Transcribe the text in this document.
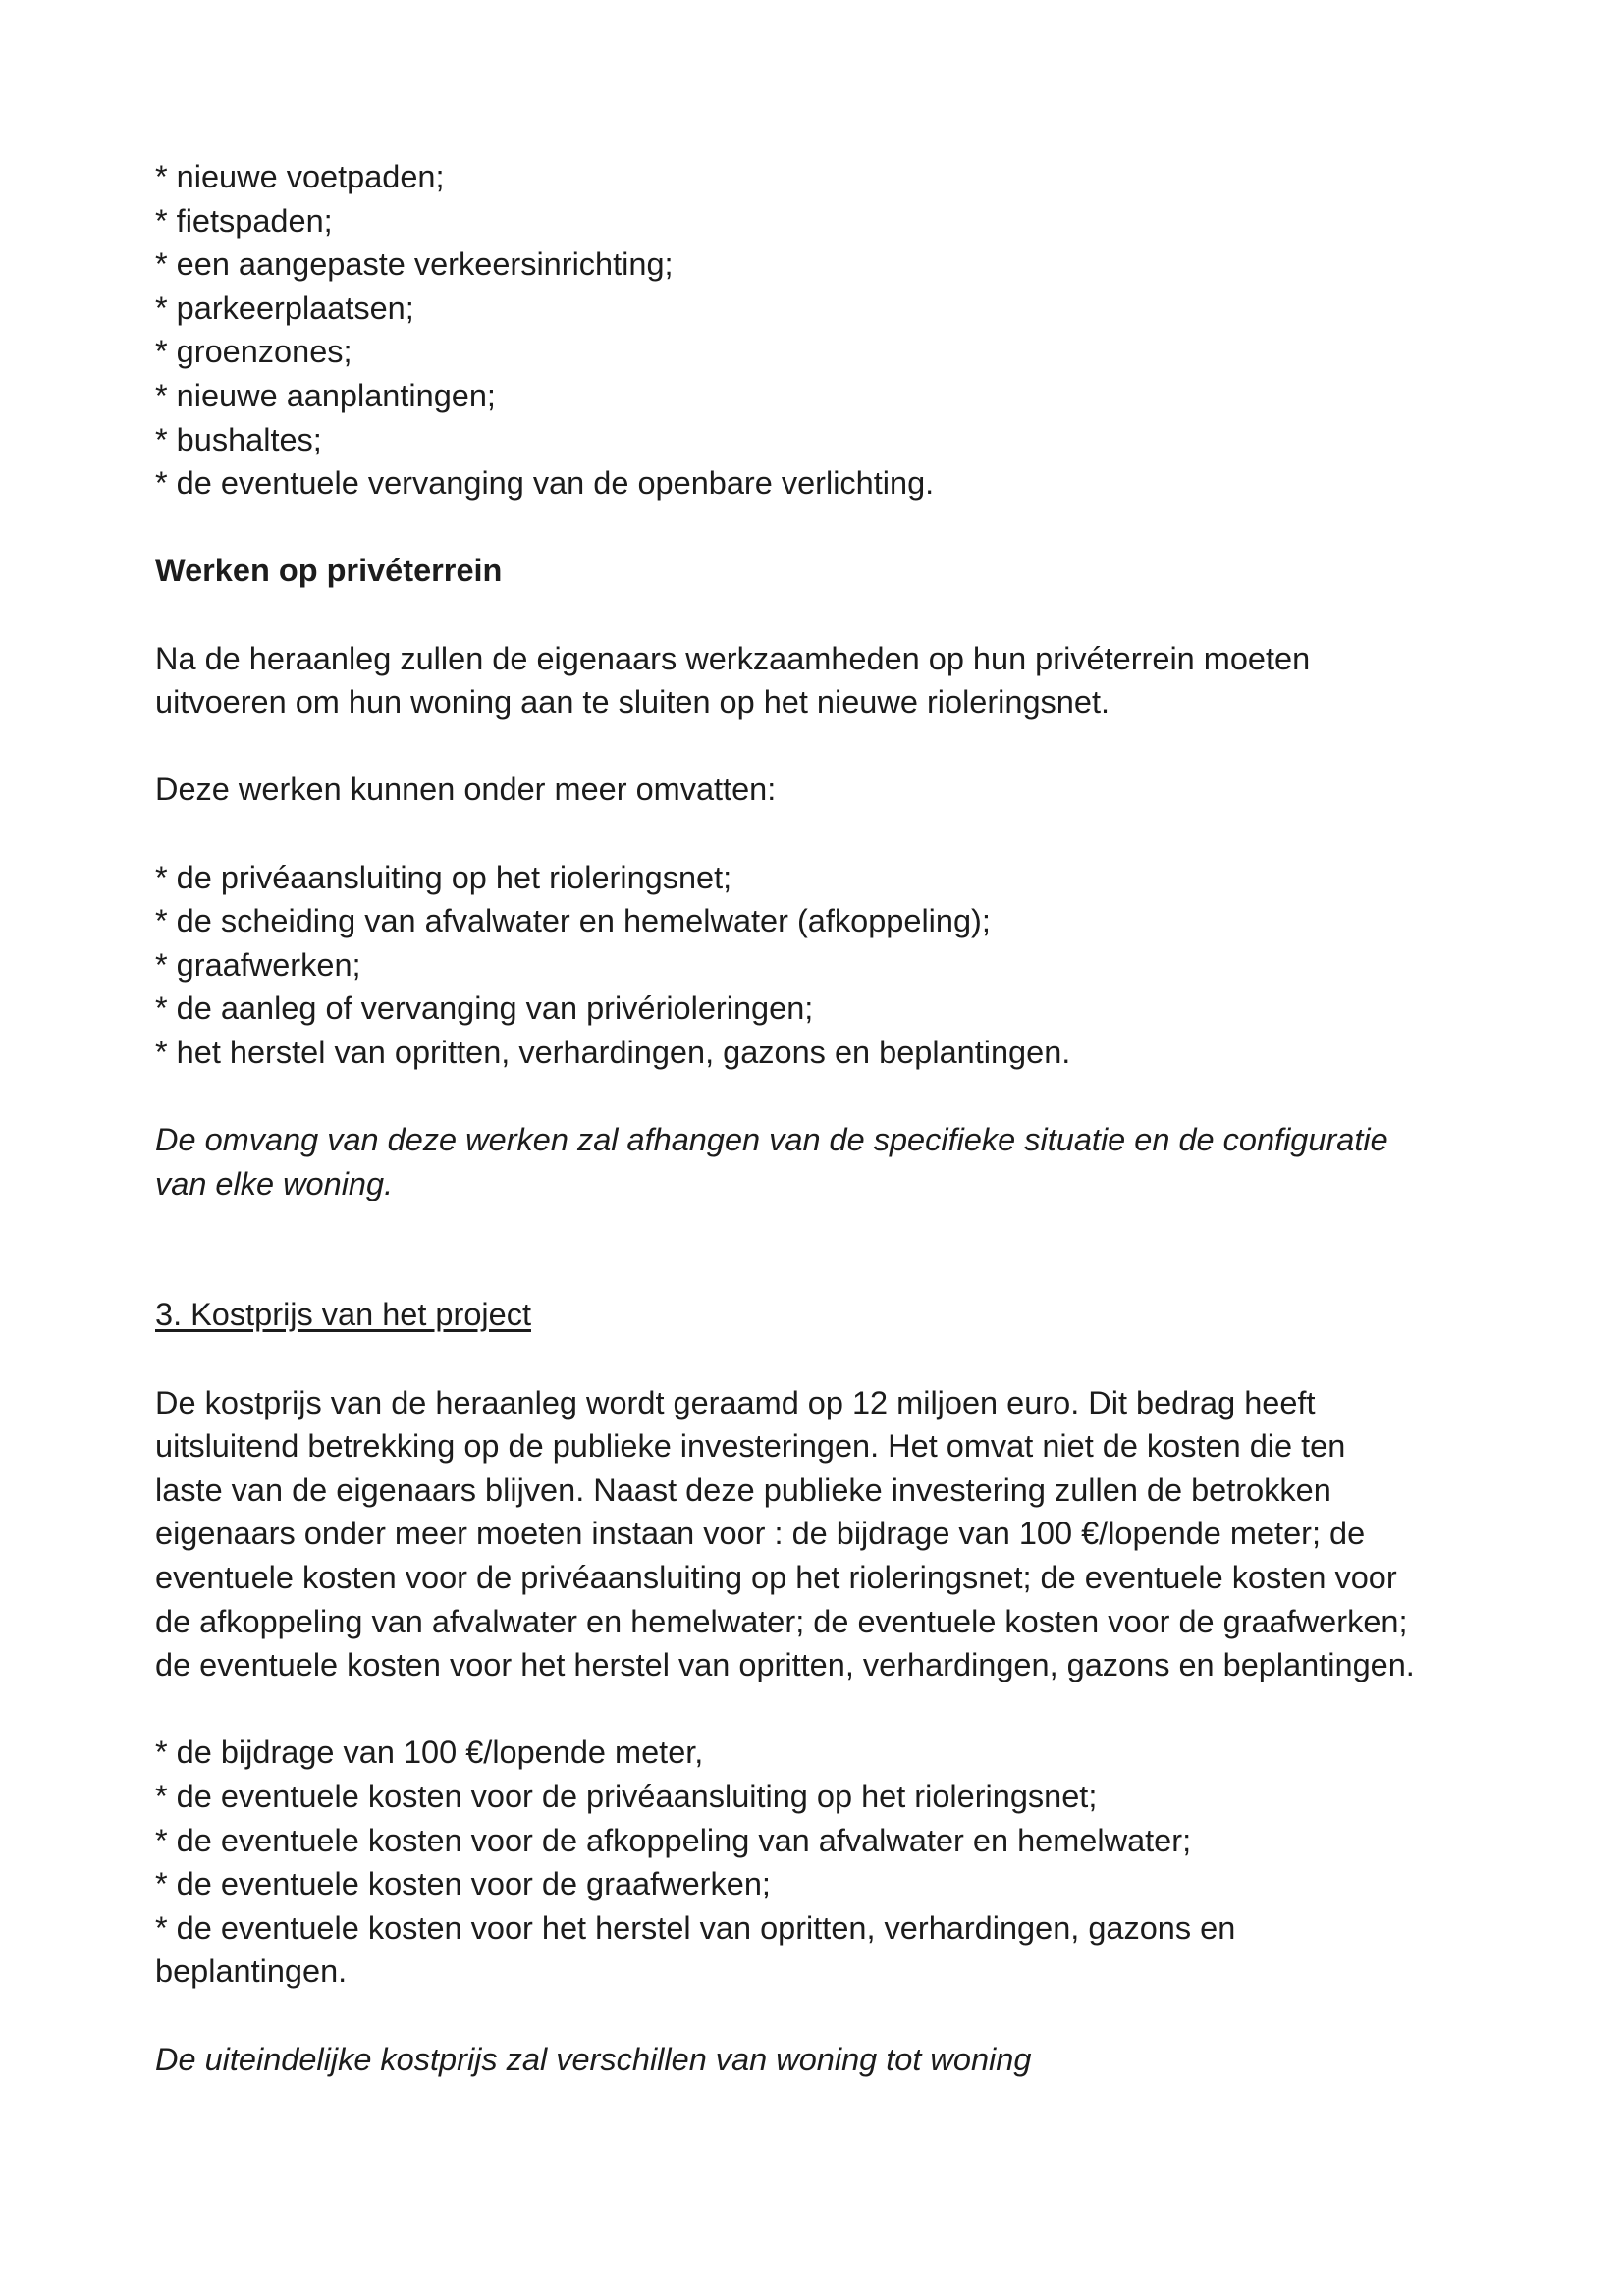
* nieuwe voetpaden;
* fietspaden;
* een aangepaste verkeersinrichting;
* parkeerplaatsen;
* groenzones;
* nieuwe aanplantingen;
* bushaltes;
* de eventuele vervanging van de openbare verlichting.
Werken op privéterrein
Na de heraanleg zullen de eigenaars werkzaamheden op hun privéterrein moeten
uitvoeren om hun woning aan te sluiten op het nieuwe rioleringsnet.
Deze werken kunnen onder meer omvatten:
* de privéaansluiting op het rioleringsnet;
* de scheiding van afvalwater en hemelwater (afkoppeling);
* graafwerken;
* de aanleg of vervanging van privérioleringen;
* het herstel van opritten, verhardingen, gazons en beplantingen.
De omvang van deze werken zal afhangen van de specifieke situatie en de configuratie
van elke woning.
3. Kostprijs van het project
De kostprijs van de heraanleg wordt geraamd op 12 miljoen euro. Dit bedrag heeft
uitsluitend betrekking op de publieke investeringen. Het omvat niet de kosten die ten
laste van de eigenaars blijven. Naast deze publieke investering zullen de betrokken
eigenaars onder meer moeten instaan voor : de bijdrage van 100 €/lopende meter; de
eventuele kosten voor de privéaansluiting op het rioleringsnet; de eventuele kosten voor
de afkoppeling van afvalwater en hemelwater; de eventuele kosten voor de graafwerken;
de eventuele kosten voor het herstel van opritten, verhardingen, gazons en beplantingen.
* de bijdrage van 100 €/lopende meter,
* de eventuele kosten voor de privéaansluiting op het rioleringsnet;
* de eventuele kosten voor de afkoppeling van afvalwater en hemelwater;
* de eventuele kosten voor de graafwerken;
* de eventuele kosten voor het herstel van opritten, verhardingen, gazons en
beplantingen.
De uiteindelijke kostprijs zal verschillen van woning tot woning
